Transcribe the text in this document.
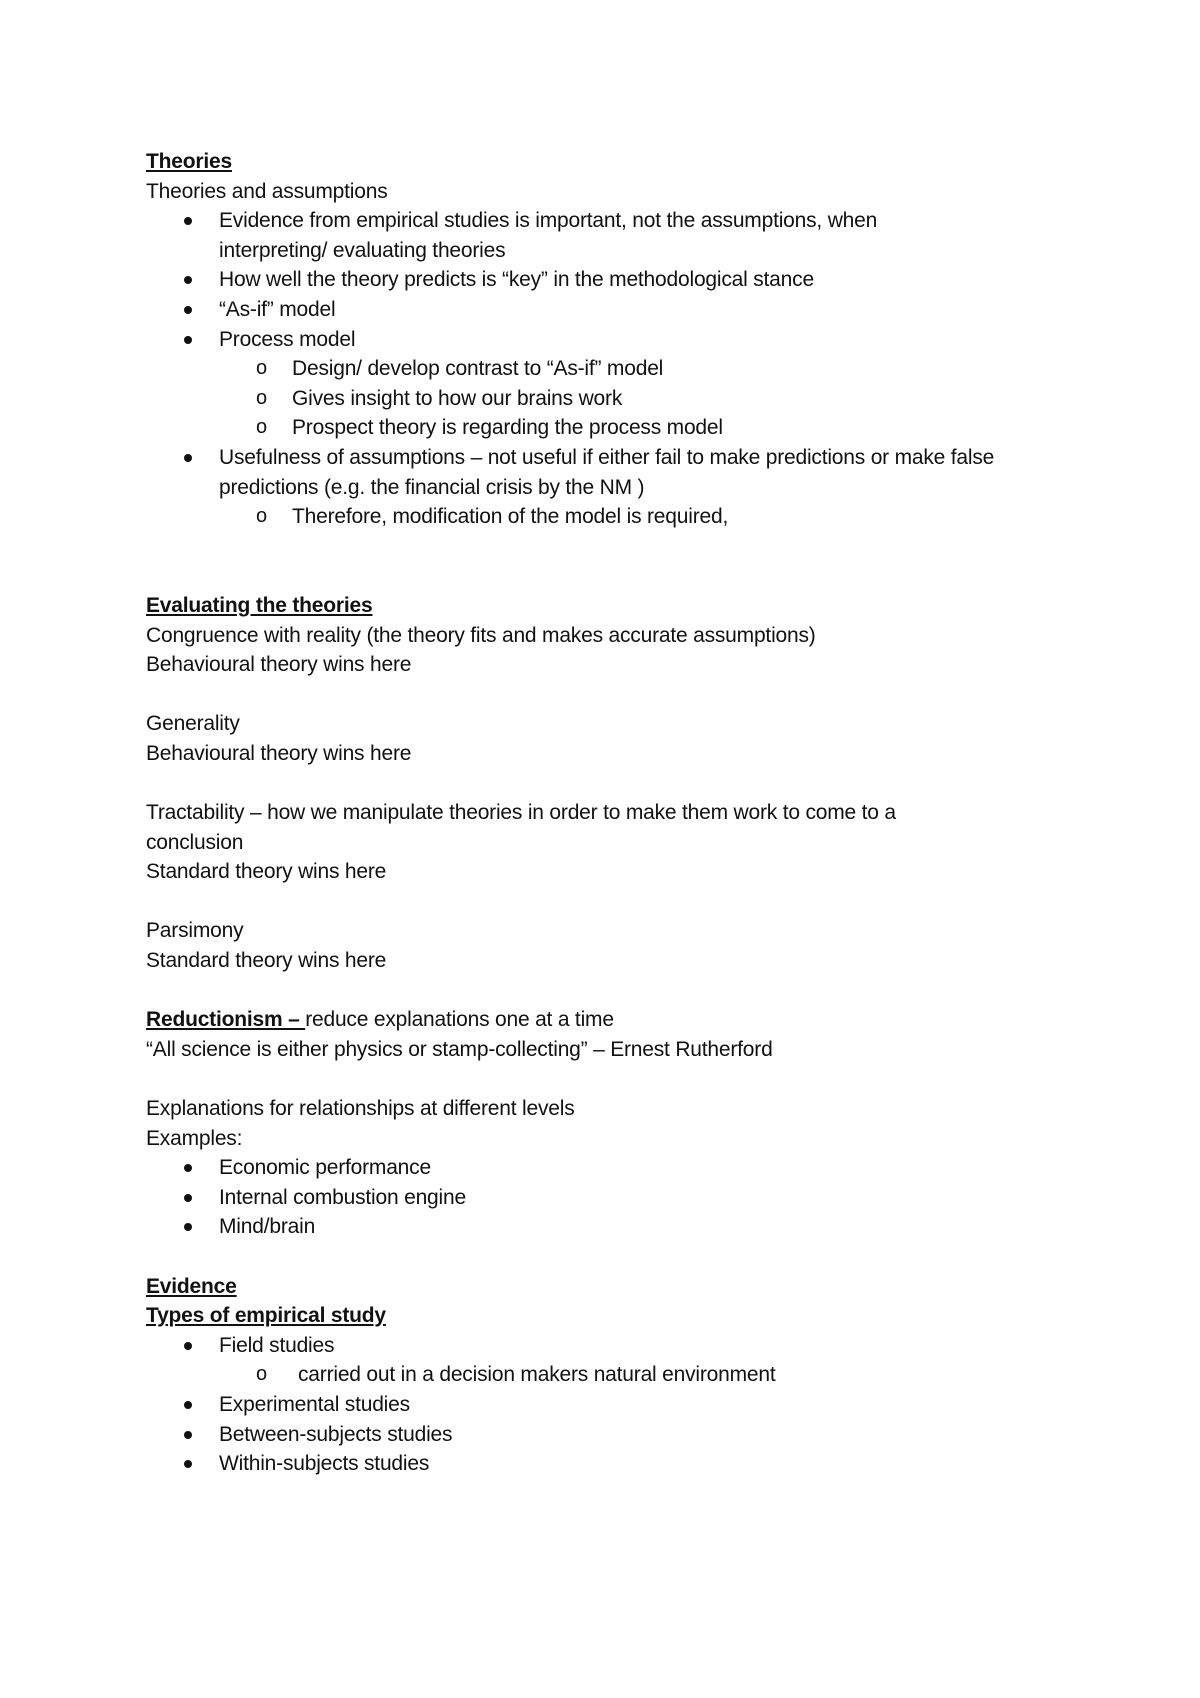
Theories

Theories and assumptions

Evidence from empirical studies is important, not the assumptions, when

interpreting/ evaluating theories

How well the theory predicts is “key” in the methodological stance

“As-if” model

Process model

o Design/ develop contrast to “As-if” model

o Gives insight to how our brains work

o Prospect theory is regarding the process model

Usefulness of assumptions – not useful if either fail to make predictions or make false

predictions (e.g. the financial crisis by the NM )

o Therefore, modification of the model is required,

Evaluating the theories

Congruence with reality (the theory fits and makes accurate assumptions)

Behavioural theory wins here

Generality

Behavioural theory wins here

Tractability – how we manipulate theories in order to make them work to come to a

conclusion

Standard theory wins here

Parsimony

Standard theory wins here

Reductionism – reduce explanations one at a time

“All science is either physics or stamp-collecting” – Ernest Rutherford

Explanations for relationships at different levels

Examples:

Economic performance

Internal combustion engine

Mind/brain

Evidence

Types of empirical study

Field studies

o carried out in a decision makers natural environment

Experimental studies

Between-subjects studies

Within-subjects studies
